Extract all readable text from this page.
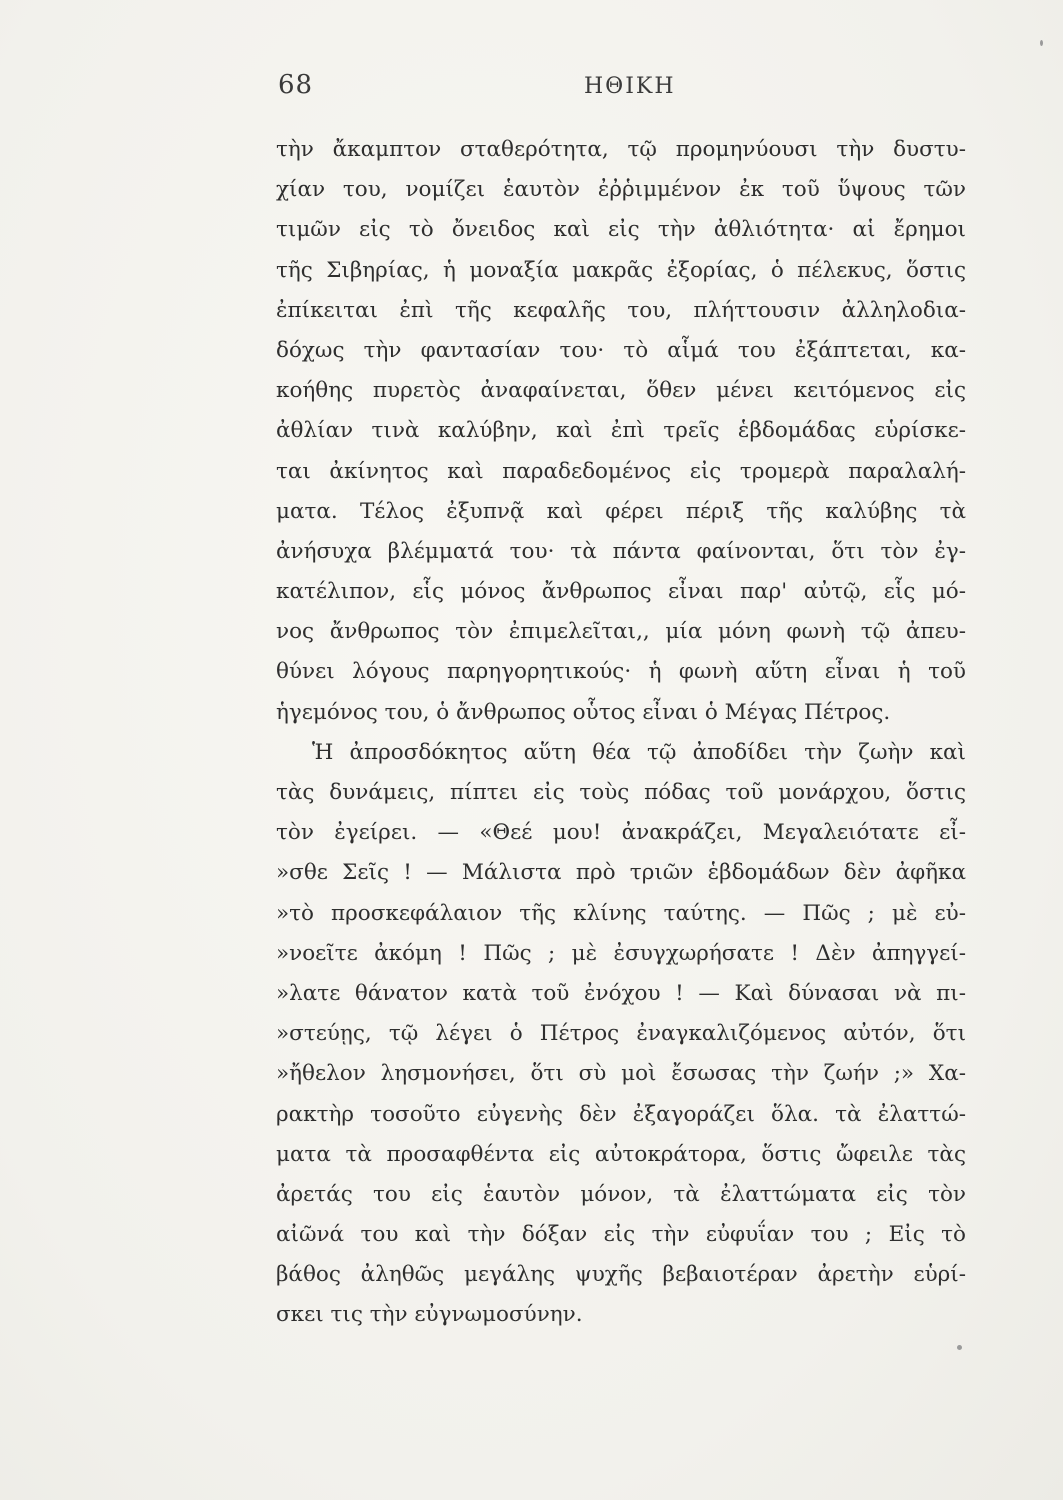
68	ΗΘΙΚΗ
τὴν ἄκαμπτον σταθερότητα, τῷ προμηνύουσι τὴν δυστυ-
χίαν του, νομίζει ἑαυτὸν ἐῤῥιμμένον ἐκ τοῦ ὕψους τῶν
τιμῶν εἰς τὸ ὄνειδος καὶ εἰς τὴν ἀθλιότητα· αἱ ἔρημοι
τῆς Σιβηρίας, ἡ μοναξία μακρᾶς ἐξορίας, ὁ πέλεκυς, ὅστις
ἐπίκειται ἐπὶ τῆς κεφαλῆς του, πλήττουσιν ἀλληλοδια-
δόχως τὴν φαντασίαν του· τὸ αἷμά του ἐξάπτεται, κα-
κοήθης πυρετὸς ἀναφαίνεται, ὅθεν μένει κειτόμενος εἰς
ἀθλίαν τινὰ καλύβην, καὶ ἐπὶ τρεῖς ἑβδομάδας εὑρίσκε-
ται ἀκίνητος καὶ παραδεδομένος εἰς τρομερὰ παραλαλή-
ματα. Τέλος ἐξυπνᾷ καὶ φέρει πέριξ τῆς καλύβης τὰ
ἀνήσυχα βλέμματά του· τὰ πάντα φαίνονται, ὅτι τὸν ἐγ-
κατέλιπον, εἷς μόνος ἄνθρωπος εἶναι παρ' αὐτῷ, εἷς μό-
νος ἄνθρωπος τὸν ἐπιμελεῖται,, μία μόνη φωνὴ τῷ ἀπευ-
θύνει λόγους παρηγορητικούς· ἡ φωνὴ αὕτη εἶναι ἡ τοῦ
ἡγεμόνος του, ὁ ἄνθρωπος οὗτος εἶναι ὁ Μέγας Πέτρος.
Ἡ ἀπροσδόκητος αὕτη θέα τῷ ἀποδίδει τὴν ζωὴν καὶ
τὰς δυνάμεις, πίπτει εἰς τοὺς πόδας τοῦ μονάρχου, ὅστις
τὸν ἐγείρει. — «Θεέ μου! ἀνακράζει, Μεγαλειότατε εἶ-
»σθε Σεῖς ! — Μάλιστα πρὸ τριῶν ἑβδομάδων δὲν ἀφῆκα
»τὸ προσκεφάλαιον τῆς κλίνης ταύτης. — Πῶς ; μὲ εὐ-
»νοεῖτε ἀκόμη ! Πῶς ; μὲ ἐσυγχωρήσατε ! Δὲν ἀπηγγεί-
»λατε θάνατον κατὰ τοῦ ἐνόχου ! — Καὶ δύνασαι νὰ πι-
»στεύῃς, τῷ λέγει ὁ Πέτρος ἐναγκαλιζόμενος αὐτόν, ὅτι
»ἤθελον λησμονήσει, ὅτι σὺ μοὶ ἔσωσας τὴν ζωήν ;» Χα-
ρακτὴρ τοσοῦτο εὐγενὴς δὲν ἐξαγοράζει ὅλα. τὰ ἐλαττώ-
ματα τὰ προσαφθέντα εἰς αὐτοκράτορα, ὅστις ὤφειλε τὰς
ἀρετάς του εἰς ἑαυτὸν μόνον, τὰ ἐλαττώματα εἰς τὸν
αἰῶνά του καὶ τὴν δόξαν εἰς τὴν εὐφυΐαν του ; Εἰς τὸ
βάθος ἀληθῶς μεγάλης ψυχῆς βεβαιοτέραν ἀρετὴν εὑρί-
σκει τις τὴν εὐγνωμοσύνην.
